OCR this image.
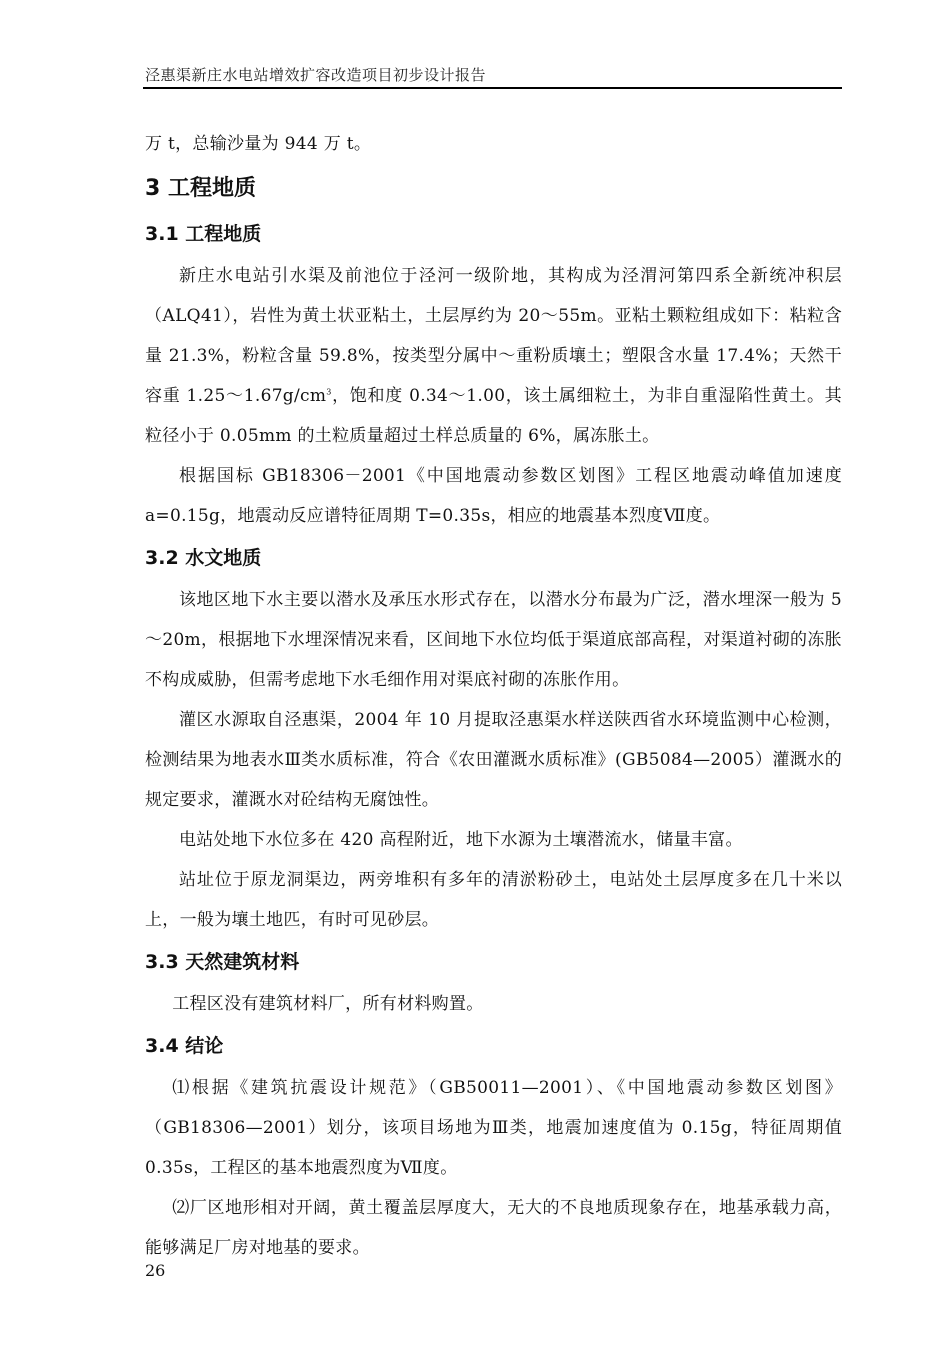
泾惠渠新庄水电站增效扩容改造项目初步设计报告

万 t，总输沙量为 944 万 t。

3 工程地质
3.1 工程地质

新庄水电站引水渠及前池位于泾河一级阶地，其构成为泾渭河第四系全新统冲积层（ALQ41），岩性为黄土状亚粘土，土层厚约为 20～55m。亚粘土颗粒组成如下：粘粒含量 21.3%，粉粒含量 59.8%，按类型分属中～重粉质壤土；塑限含水量 17.4%；天然干容重 $1.25\sim 1.67g/cm^3$，饱和度 0.34～1.00，该土属细粒土，为非自重湿陷性黄土。其粒径小于 0.05mm 的土粒质量超过土样总质量的 6%，属冻胀土。

根据国标 GB18306－2001《中国地震动参数区划图》工程区地震动峰值加速度 a=0.15g，地震动反应谱特征周期 T=0.35s，相应的地震基本烈度Ⅶ度。

3.2 水文地质

该地区地下水主要以潜水及承压水形式存在，以潜水分布最为广泛，潜水埋深一般为 5～20m，根据地下水埋深情况来看，区间地下水位均低于渠道底部高程，对渠道衬砌的冻胀不构成威胁，但需考虑地下水毛细作用对渠底衬砌的冻胀作用。

灌区水源取自泾惠渠，2004 年 10 月提取泾惠渠水样送陕西省水环境监测中心检测，检测结果为地表水Ⅲ类水质标准，符合《农田灌溉水质标准》(GB5084—2005）灌溉水的规定要求，灌溉水对砼结构无腐蚀性。

电站处地下水位多在 420 高程附近，地下水源为土壤潜流水，储量丰富。

站址位于原龙洞渠边，两旁堆积有多年的清淤粉砂土，电站处土层厚度多在几十米以上，一般为壤土地匹，有时可见砂层。

3.3 天然建筑材料

工程区没有建筑材料厂，所有材料购置。

3.4 结论

⑴根据《建筑抗震设计规范》（GB50011—2001）、《中国地震动参数区划图》（GB18306—2001）划分，该项目场地为Ⅲ类，地震加速度值为 0.15g，特征周期值 0.35s，工程区的基本地震烈度为Ⅶ度。

⑵厂区地形相对开阔，黄土覆盖层厚度大，无大的不良地质现象存在，地基承载力高，能够满足厂房对地基的要求。

26
